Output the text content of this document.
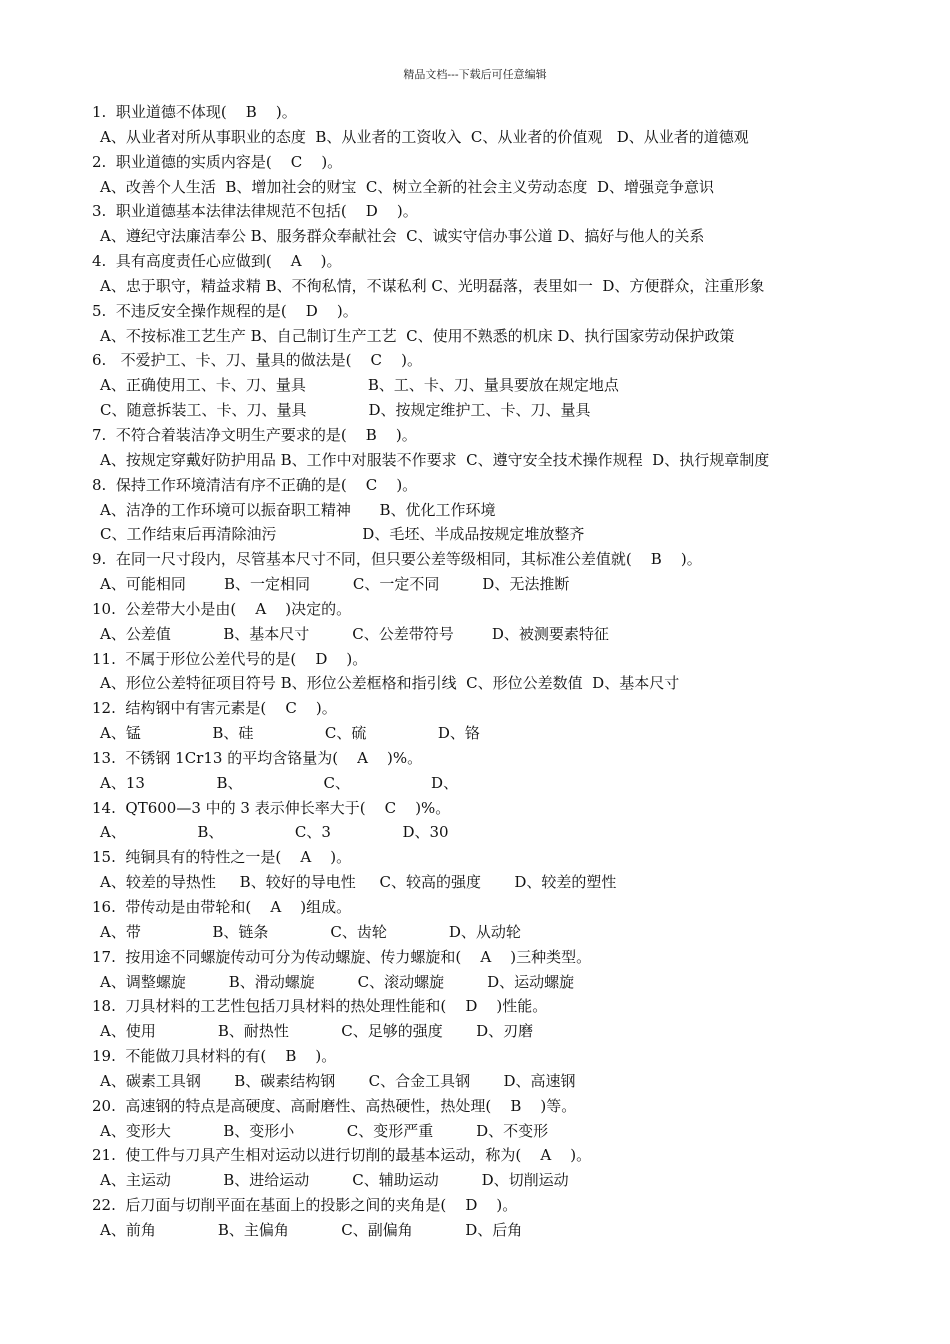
精品文档---下载后可任意编辑
1.  职业道德不体现(    B    )。
A、从业者对所从事职业的态度  B、从业者的工资收入  C、从业者的价值观   D、从业者的道德观
2.  职业道德的实质内容是(    C    )。
A、改善个人生活  B、增加社会的财宝  C、树立全新的社会主义劳动态度  D、增强竞争意识
3.  职业道德基本法律法律规范不包括(    D    )。
A、遵纪守法廉洁奉公 B、服务群众奉献社会  C、诚实守信办事公道 D、搞好与他人的关系
4.  具有高度责任心应做到(    A    )。
A、忠于职守，精益求精 B、不徇私情，不谋私利 C、光明磊落，表里如一  D、方便群众，注重形象
5.  不违反安全操作规程的是(    D    )。
A、不按标准工艺生产 B、自己制订生产工艺  C、使用不熟悉的机床 D、执行国家劳动保护政策
6.   不爱护工、卡、刀、量具的做法是(    C    )。
A、正确使用工、卡、刀、量具             B、工、卡、刀、量具要放在规定地点
C、随意拆装工、卡、刀、量具             D、按规定维护工、卡、刀、量具
7.  不符合着装洁净文明生产要求的是(    B    )。
A、按规定穿戴好防护用品 B、工作中对服装不作要求  C、遵守安全技术操作规程  D、执行规章制度
8.  保持工作环境清洁有序不正确的是(    C    )。
A、洁净的工作环境可以振奋职工精神      B、优化工作环境
C、工作结束后再清除油污                  D、毛坯、半成品按规定堆放整齐
9.  在同一尺寸段内，尽管基本尺寸不同，但只要公差等级相同，其标准公差值就(    B    )。
A、可能相同        B、一定相同         C、一定不同         D、无法推断
10.  公差带大小是由(    A    )决定的。
A、公差值           B、基本尺寸         C、公差带符号        D、被测要素特征
11.  不属于形位公差代号的是(    D    )。
A、形位公差特征项目符号 B、形位公差框格和指引线  C、形位公差数值  D、基本尺寸
12.  结构钢中有害元素是(    C    )。
A、锰               B、硅               C、硫               D、铬
13.  不锈钢 1Cr13 的平均含铬量为(    A    )%。
A、13               B、                 C、                 D、
14.  QT600—3 中的 3 表示伸长率大于(    C    )%。
A、               B、               C、3               D、30
15.  纯铜具有的特性之一是(    A    )。
A、较差的导热性     B、较好的导电性     C、较高的强度       D、较差的塑性
16.  带传动是由带轮和(    A    )组成。
A、带               B、链条             C、齿轮             D、从动轮
17.  按用途不同螺旋传动可分为传动螺旋、传力螺旋和(    A    )三种类型。
A、调整螺旋         B、滑动螺旋         C、滚动螺旋         D、运动螺旋
18.  刀具材料的工艺性包括刀具材料的热处理性能和(    D    )性能。
A、使用             B、耐热性           C、足够的强度       D、刃磨
19.  不能做刀具材料的有(    B    )。
A、碳素工具钢       B、碳素结构钢       C、合金工具钢       D、高速钢
20.  高速钢的特点是高硬度、高耐磨性、高热硬性，热处理(    B    )等。
A、变形大           B、变形小           C、变形严重         D、不变形
21.  使工件与刀具产生相对运动以进行切削的最基本运动，称为(    A    )。
A、主运动           B、进给运动         C、辅助运动         D、切削运动
22.  后刀面与切削平面在基面上的投影之间的夹角是(    D    )。
A、前角             B、主偏角           C、副偏角           D、后角
